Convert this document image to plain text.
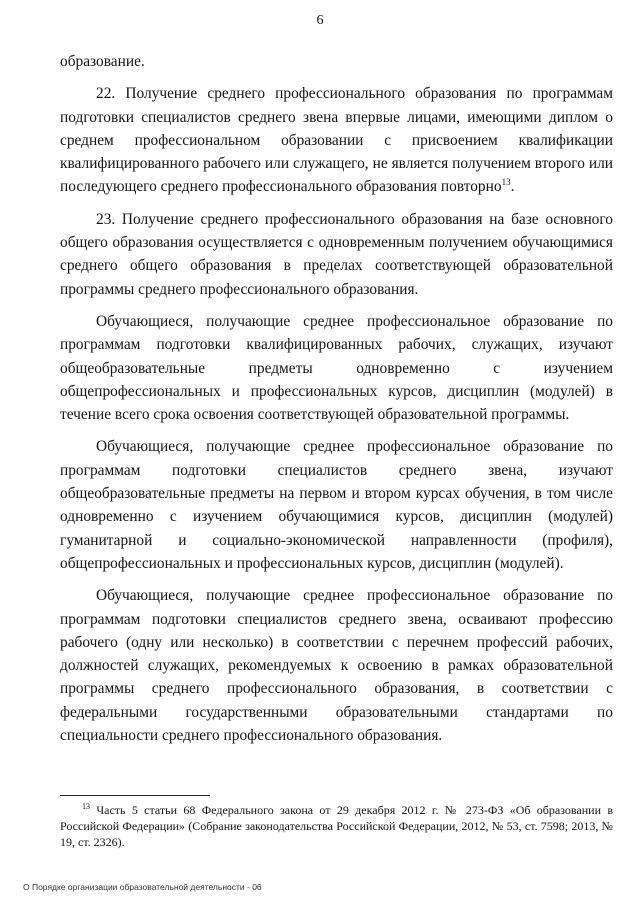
6

образование.

22. Получение среднего профессионального образования по программам подготовки специалистов среднего звена впервые лицами, имеющими диплом о среднем профессиональном образовании с присвоением квалификации квалифицированного рабочего или служащего, не является получением второго или последующего среднего профессионального образования повторно$^{13}$.

23. Получение среднего профессионального образования на базе основного общего образования осуществляется с одновременным получением обучающимися среднего общего образования в пределах соответствующей образовательной программы среднего профессионального образования.

Обучающиеся, получающие среднее профессиональное образование по программам подготовки квалифицированных рабочих, служащих, изучают общеобразовательные предметы одновременно с изучением общепрофессиональных и профессиональных курсов, дисциплин (модулей) в течение всего срока освоения соответствующей образовательной программы.

Обучающиеся, получающие среднее профессиональное образование по программам подготовки специалистов среднего звена, изучают общеобразовательные предметы на первом и втором курсах обучения, в том числе одновременно с изучением обучающимися курсов, дисциплин (модулей) гуманитарной и социально-экономической направленности (профиля), общепрофессиональных и профессиональных курсов, дисциплин (модулей).

Обучающиеся, получающие среднее профессиональное образование по программам подготовки специалистов среднего звена, осваивают профессию рабочего (одну или несколько) в соответствии с перечнем профессий рабочих, должностей служащих, рекомендуемых к освоению в рамках образовательной программы среднего профессионального образования, в соответствии с федеральными государственными образовательными стандартами по специальности среднего профессионального образования.

$^{13}$ Часть 5 статьи 68 Федерального закона от 29 декабря 2012 г. № 273-ФЗ «Об образовании в Российской Федерации» (Собрание законодательства Российской Федерации, 2012, № 53, ст. 7598; 2013, № 19, ст. 2326).
О Порядке организации образовательной деятельности - 06
